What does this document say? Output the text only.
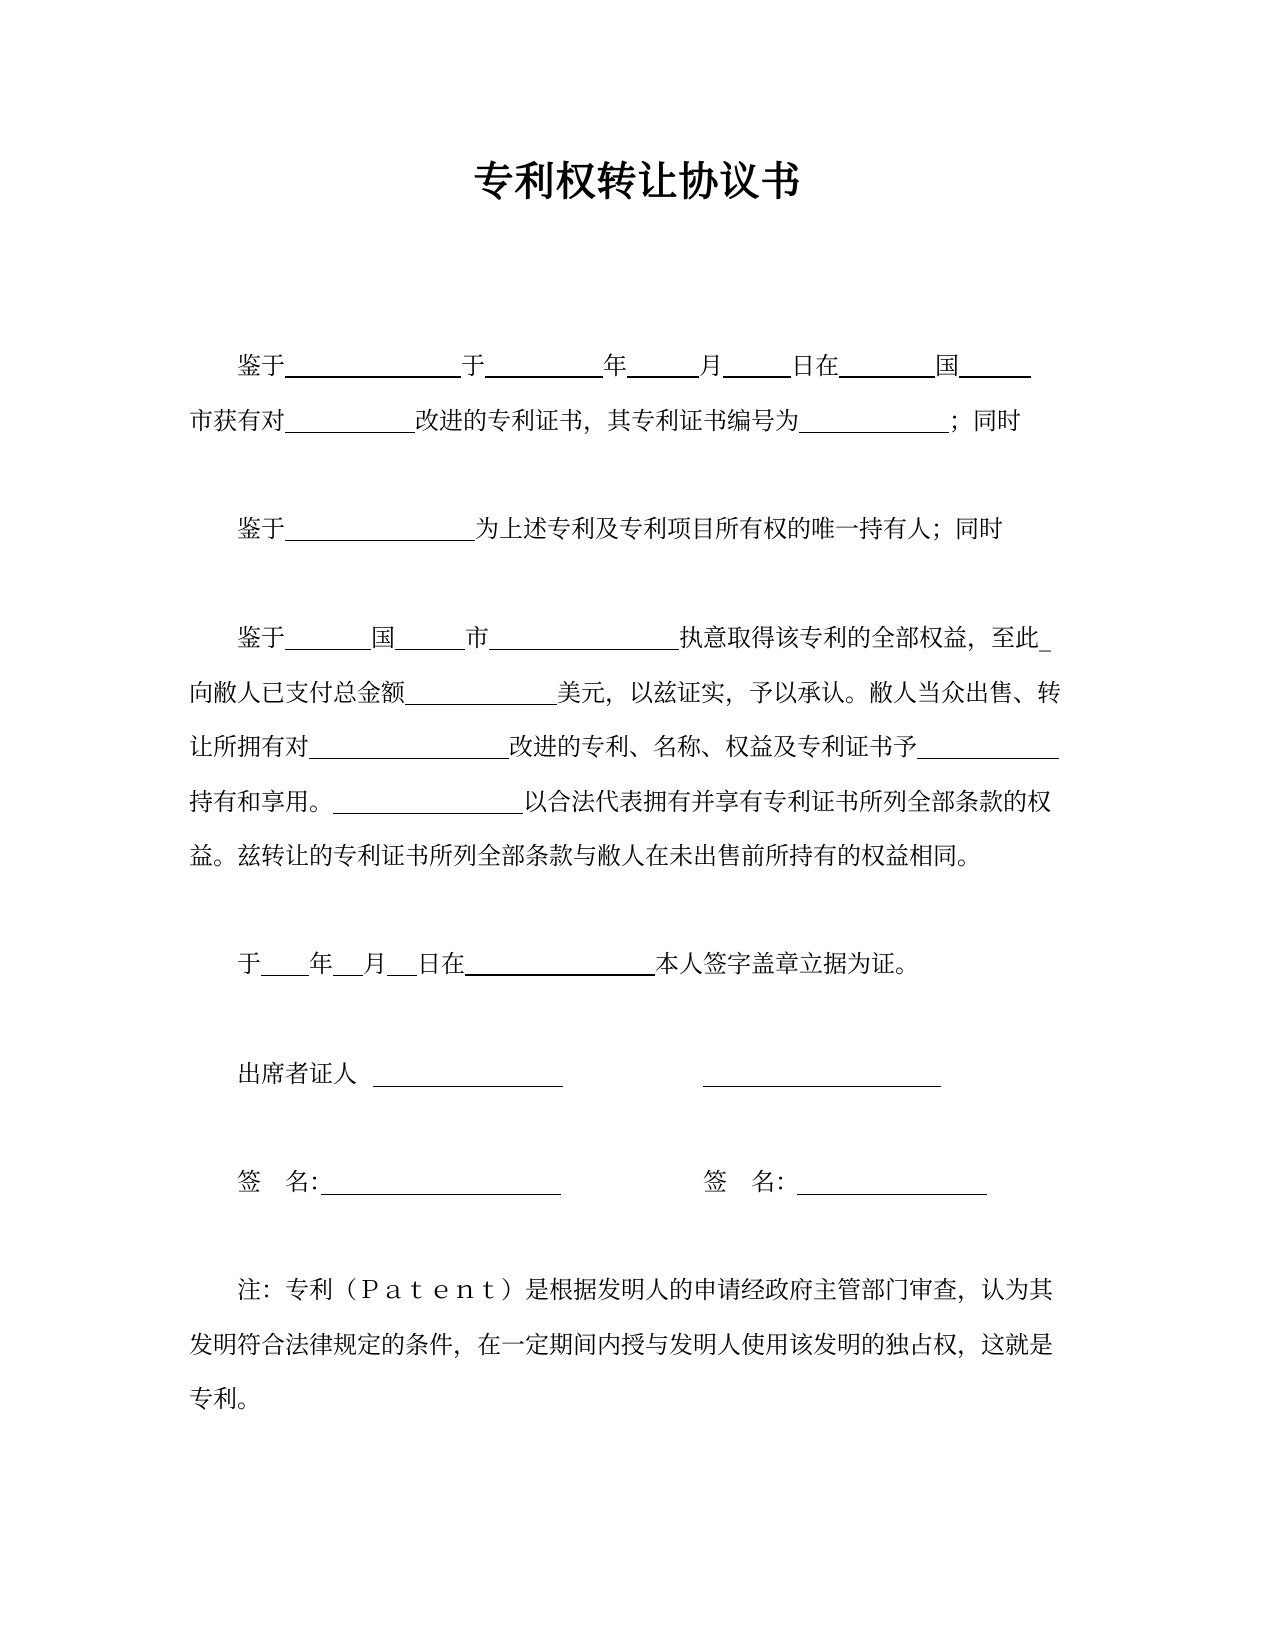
专利权转让协议书
鉴于	于	年	月	日在	国
市获有对	改进的专利证书，其专利证书编号为	；同时
鉴于	为上述专利及专利项目所有权的唯一持有人；同时
鉴于	国	市	执意取得该专利的全部权益，至此_
向敝人已支付总金额	美元，以兹证实，予以承认。敝人当众出售、转
让所拥有对	改进的专利、名称、权益及专利证书予
持有和享用。	以合法代表拥有并享有专利证书所列全部条款的权
益。兹转让的专利证书所列全部条款与敝人在未出售前所持有的权益相同。
于 年 月 日在	本人签字盖章立据为证。
出席者证人
签　名：	签　名：
注：专利（Ｐａｔｅｎｔ）是根据发明人的申请经政府主管部门审查，认为其
发明符合法律规定的条件，在一定期间内授与发明人使用该发明的独占权，这就是
专利。
